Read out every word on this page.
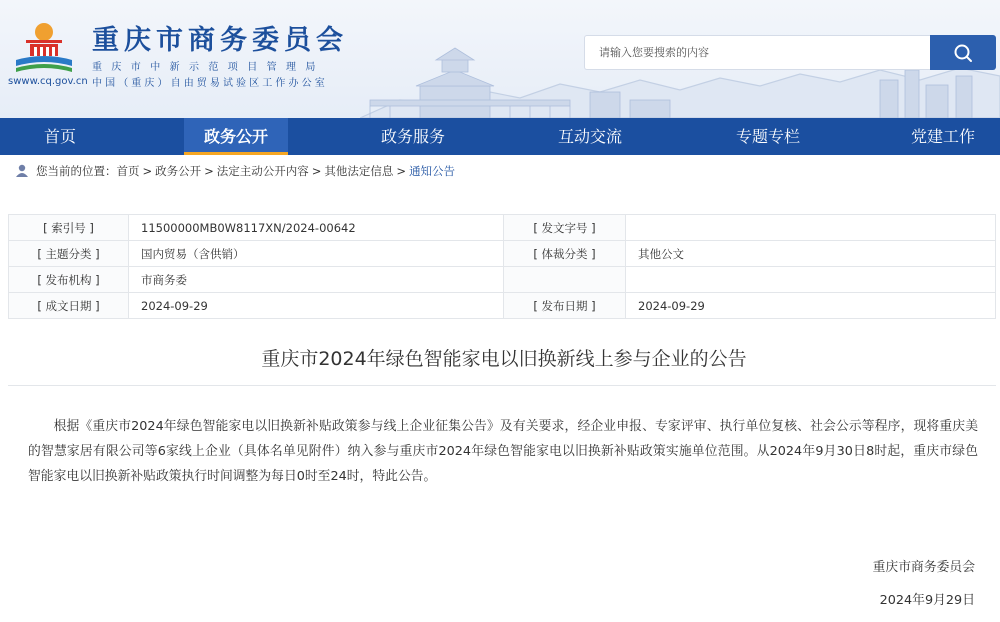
swww.cq.gov.cn
重庆市商务委员会
重庆市中新示范项目管理局
中国（重庆）自由贸易试验区工作办公室
请输入您要搜索的内容
首页	政务公开	政务服务	互动交流	专题专栏	党建工作
您当前的位置： 首页 > 政务公开 > 法定主动公开内容 > 其他法定信息 > 通知公告
[ 索引号 ]	11500000MB0W8117XN/2024-00642	[ 发文字号 ]	
[ 主题分类 ]	国内贸易（含供销）	[ 体裁分类 ]	其他公文
[ 发布机构 ]	市商务委		
[ 成文日期 ]	2024-09-29	[ 发布日期 ]	2024-09-29
重庆市2024年绿色智能家电以旧换新线上参与企业的公告
根据《重庆市2024年绿色智能家电以旧换新补贴政策参与线上企业征集公告》及有关要求，经企业申报、专家评审、执行单位复核、社会公示等程序，现将重庆美的智慧家居有限公司等6家线上企业（具体名单见附件）纳入参与重庆市2024年绿色智能家电以旧换新补贴政策实施单位范围。从2024年9月30日8时起，重庆市绿色智能家电以旧换新补贴政策执行时间调整为每日0时至24时，特此公告。
重庆市商务委员会
2024年9月29日
